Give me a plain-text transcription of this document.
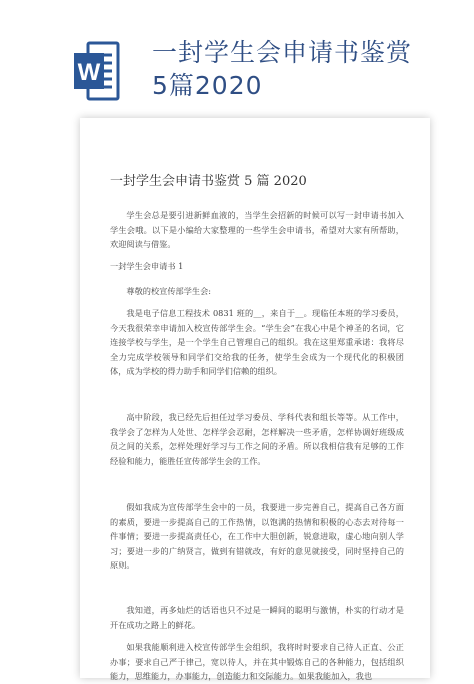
W
一封学生会申请书鉴赏
5篇2020
一封学生会申请书鉴赏 5 篇 2020

学生会总是要引进新鲜血液的，当学生会招新的时候可以写一封申请书加入学生会哦。以下是小编给大家整理的一些学生会申请书，希望对大家有所帮助，欢迎阅读与借鉴。

一封学生会申请书 1
尊敬的校宣传部学生会:

我是电子信息工程技术 0831 班的__，来自于__。现临任本班的学习委员，今天我很荣幸申请加入校宣传部学生会。“学生会”在我心中是个神圣的名词，它连接学校与学生，是一个学生自己管理自己的组织。我在这里郑重承诺：我将尽全力完成学校领导和同学们交给我的任务，使学生会成为一个现代化的积极团体，成为学校的得力助手和同学们信赖的组织。

高中阶段，我已经先后担任过学习委员、学科代表和组长等等。从工作中，我学会了怎样为人处世、怎样学会忍耐，怎样解决一些矛盾，怎样协调好班级成员之间的关系，怎样处理好学习与工作之间的矛盾。所以我相信我有足够的工作经验和能力，能胜任宣传部学生会的工作。

假如我成为宣传部学生会中的一员，我要进一步完善自己，提高自己各方面的素质，要进一步提高自己的工作热情，以饱满的热情和积极的心态去对待每一件事情；要进一步提高责任心，在工作中大胆创新，锐意进取，虚心地向别人学习；要进一步的广纳贤言，做到有错就改，有好的意见就接受，同时坚持自己的原则。

我知道，再多灿烂的话语也只不过是一瞬间的聪明与激情，朴实的行动才是开在成功之路上的鲜花。

如果我能顺利进入校宣传部学生会组织，我将时时要求自己待人正直、公正办事；要求自己严于律己，宽以待人，并在其中锻炼自己的各种能力，包括组织能力，思维能力，办事能力，创造能力和交际能力。如果我能加入，我也
